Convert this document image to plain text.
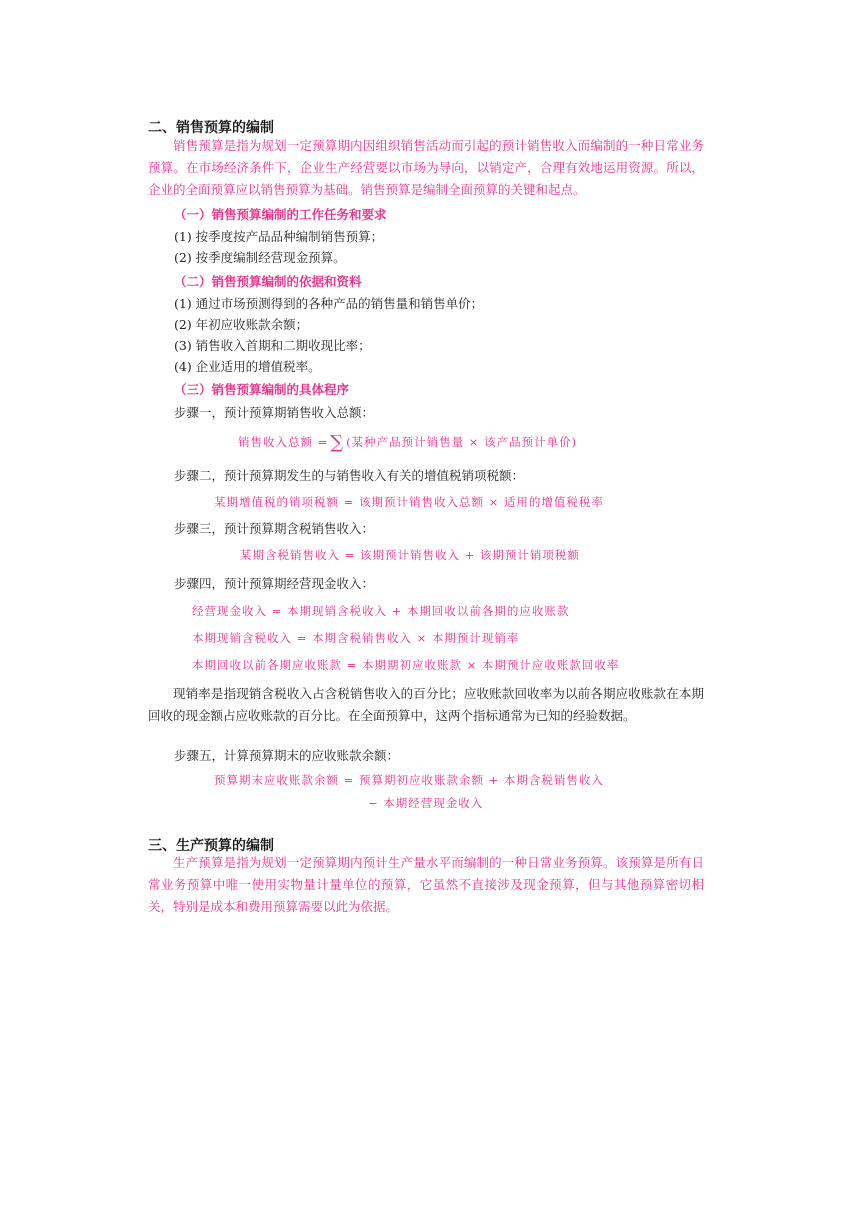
二、销售预算的编制
销售预算是指为规划一定预算期内因组织销售活动而引起的预计销售收入而编制的一种日常业务预算。在市场经济条件下，企业生产经营要以市场为导向，以销定产，合理有效地运用资源。所以，企业的全面预算应以销售预算为基础。销售预算是编制全面预算的关键和起点。
（一）销售预算编制的工作任务和要求
(1) 按季度按产品品种编制销售预算；
(2) 按季度编制经营现金预算。
（二）销售预算编制的依据和资料
(1) 通过市场预测得到的各种产品的销售量和销售单价；
(2) 年初应收账款余额；
(3) 销售收入首期和二期收现比率；
(4) 企业适用的增值税率。
（三）销售预算编制的具体程序
步骤一，预计预算期销售收入总额：
销售收入总额 = ∑ (某种产品预计销售量 × 该产品预计单价)
步骤二，预计预算期发生的与销售收入有关的增值税销项税额：
某期增值税的销项税额 = 该期预计销售收入总额 × 适用的增值税税率
步骤三，预计预算期含税销售收入：
某期含税销售收入 = 该期预计销售收入 + 该期预计销项税额
步骤四，预计预算期经营现金收入：
经营现金收入 = 本期现销含税收入 + 本期回收以前各期的应收账款
本期现销含税收入 = 本期含税销售收入 × 本期预计现销率
本期回收以前各期应收账款 = 本期期初应收账款 × 本期预计应收账款回收率
现销率是指现销含税收入占含税销售收入的百分比；应收账款回收率为以前各期应收账款在本期回收的现金额占应收账款的百分比。在全面预算中，这两个指标通常为已知的经验数据。
步骤五，计算预算期末的应收账款余额：
预算期末应收账款余额 = 预算期初应收账款余额 + 本期含税销售收入
− 本期经营现金收入
三、生产预算的编制
生产预算是指为规划一定预算期内预计生产量水平而编制的一种日常业务预算。该预算是所有日常业务预算中唯一使用实物量计量单位的预算，它虽然不直接涉及现金预算，但与其他预算密切相关，特别是成本和费用预算需要以此为依据。
